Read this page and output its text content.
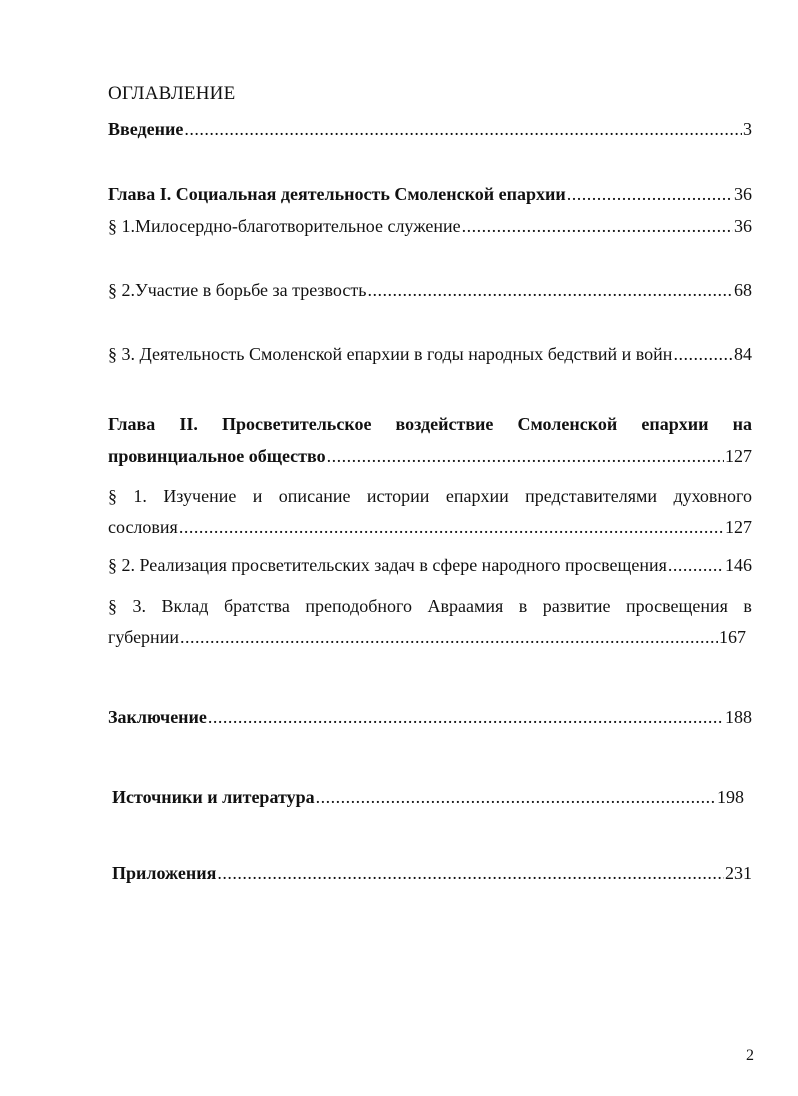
ОГЛАВЛЕНИЕ
Введение .....	3
Глава I. Социальная деятельность Смоленской епархии .....	36
§ 1.Милосердно-благотворительное служение .....	36
§ 2.Участие в борьбе за трезвость .....	68
§ 3. Деятельность Смоленской епархии в годы народных бедствий и войн .....	84
Глава II. Просветительское воздействие Смоленской епархии на
провинциальное общество .....	127
§ 1. Изучение и описание истории епархии представителями духовного
сословия .....	127
§ 2. Реализация просветительских задач в сфере народного просвещения .....	146
§ 3. Вклад братства преподобного Авраамия в развитие просвещения в
губернии .....	167
Заключение .....	188
Источники и литература .....	198
Приложения .....	231
2
